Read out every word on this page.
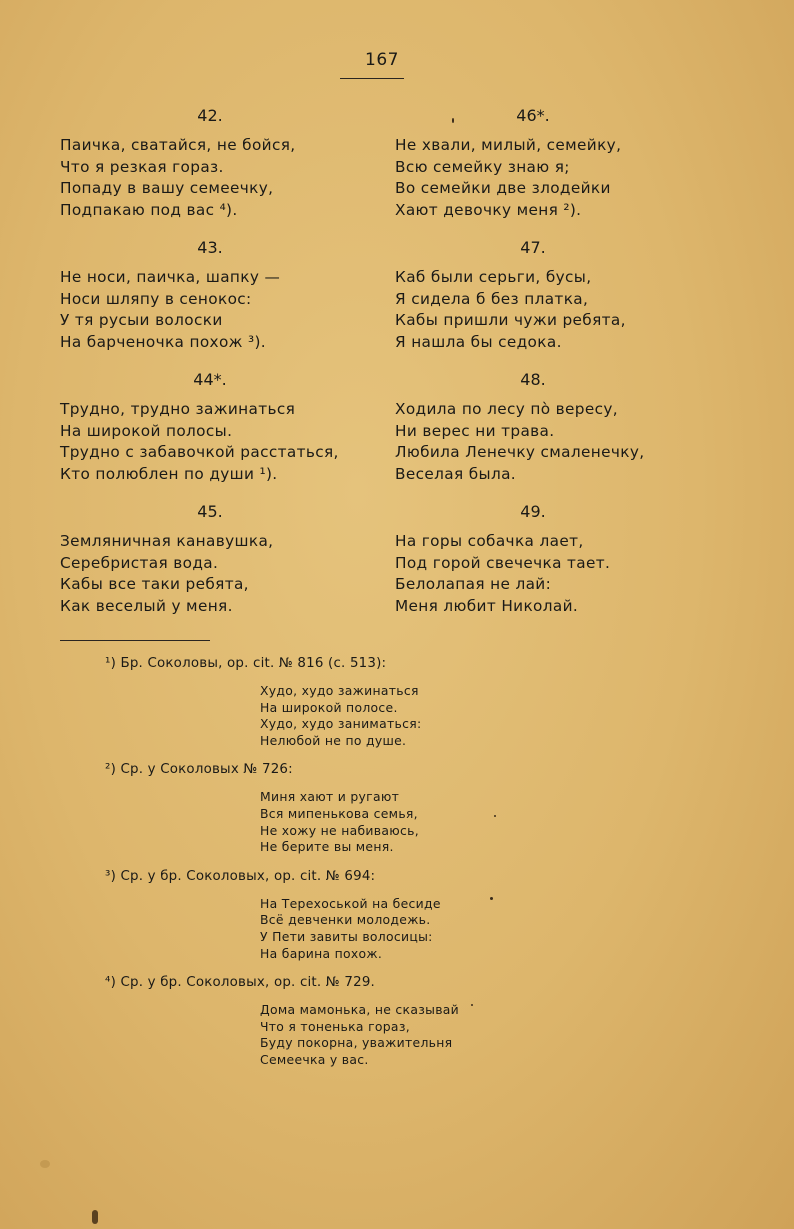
167
42.
Паичка, сватайся, не бойся,
Что я резкая гораз.
Попаду в вашу семеечку,
Подпакаю под вас ⁴).
43.
Не носи, паичка, шапку —
Носи шляпу в сенокос:
У тя русыи волоски
На барченочка похож ³).
44*.
Трудно, трудно зажинаться
На широкой полосы.
Трудно с забавочкой расстаться,
Кто полюблен по души ¹).
45.
Земляничная канавушка,
Серебристая вода.
Кабы все таки ребята,
Как веселый у меня.
46*.
Не хвали, милый, семейку,
Всю семейку знаю я;
Во семейки две злодейки
Хают девочку меня ²).
47.
Каб были серьги, бусы,
Я сидела б без платка,
Кабы пришли чужи ребята,
Я нашла бы седока.
48.
Ходила по лесу по̀ вересу,
Ни верес ни трава.
Любила Ленечку смаленечку,
Веселая была.
49.
На горы собачка лает,
Под горой свечечка тает.
Белолапая не лай:
Меня любит Николай.
¹) Бр. Соколовы, ор. cit. № 816 (с. 513):
Худо, худо зажинаться
На широкой полосе.
Худо, худо заниматься:
Нелюбой не по душе.
²) Ср. у Соколовых № 726:
Миня хают и ругают
Вся мипенькова семья,
Не хожу не набиваюсь,
Не берите вы меня.
³) Ср. у бр. Соколовых, ор. cit. № 694:
На Терехоськой на бесиде
Всё девченки молодежь.
У Пети завиты волосицы:
На барина похож.
⁴) Ср. у бр. Соколовых, ор. cit. № 729.
Дома мамонька, не сказывай
Что я тоненька гораз,
Буду покорна, уважительня
Семеечка у вас.
